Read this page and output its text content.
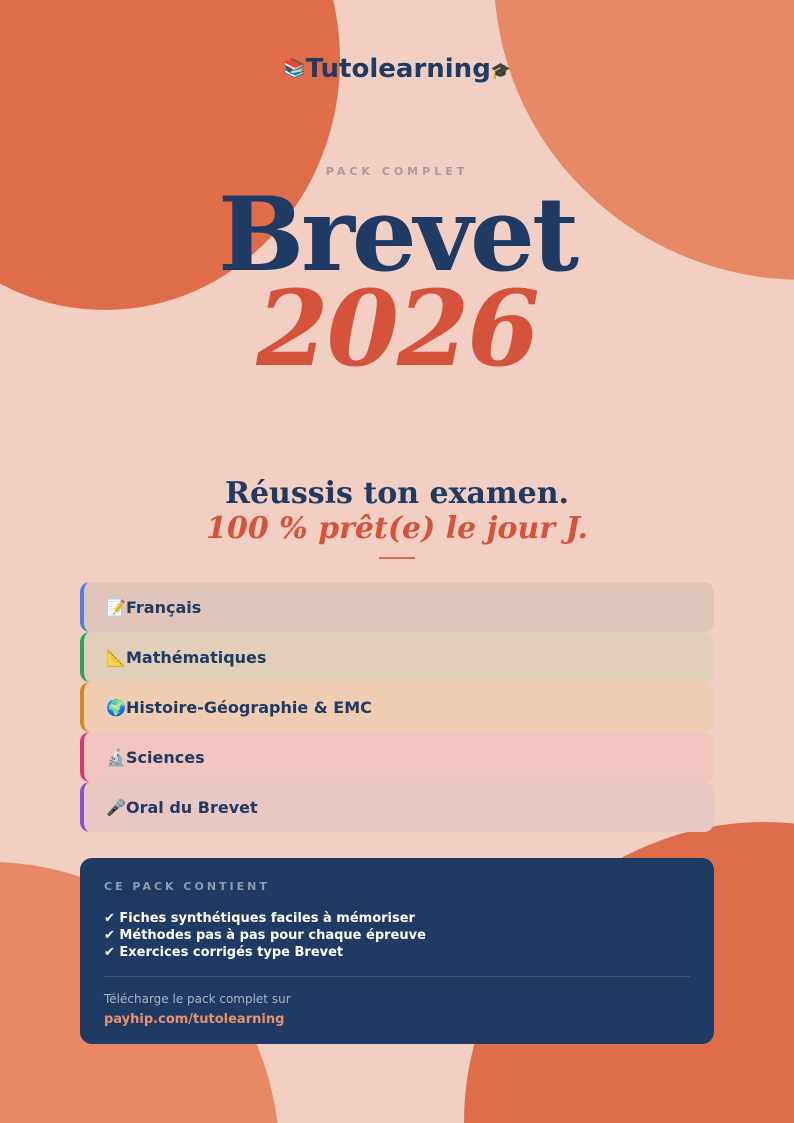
📚 Tutolearning 🎓
PACK COMPLET
Brevet
2026
Réussis ton examen.
100 % prêt(e) le jour J.
📝 Français
📐 Mathématiques
🌍 Histoire-Géographie & EMC
🔬 Sciences
🎤 Oral du Brevet
CE PACK CONTIENT
✔ Fiches synthétiques faciles à mémoriser
✔ Méthodes pas à pas pour chaque épreuve
✔ Exercices corrigés type Brevet
Télécharge le pack complet sur
payhip.com/tutolearning
